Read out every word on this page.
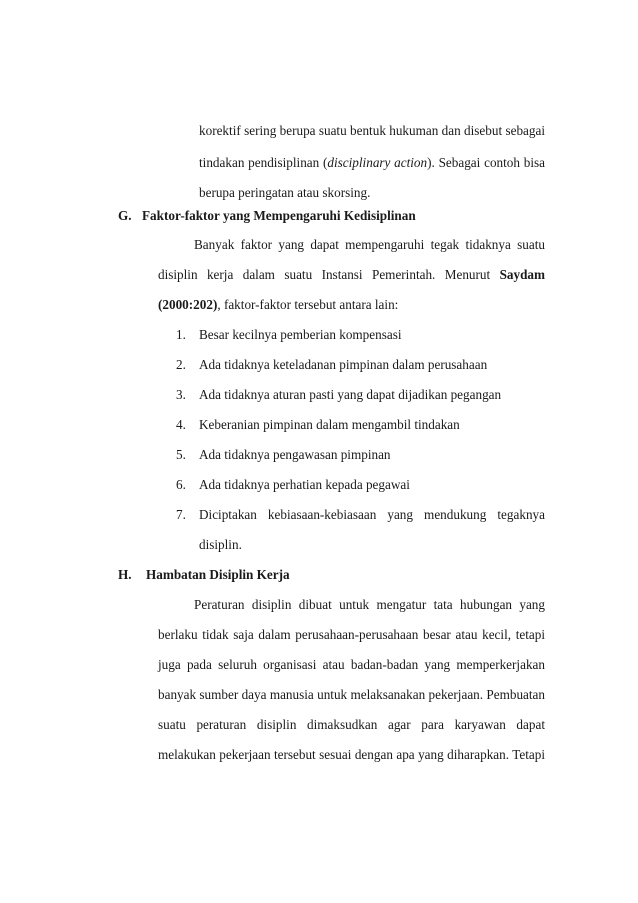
korektif sering berupa suatu bentuk hukuman dan disebut sebagai
tindakan pendisiplinan (disciplinary action). Sebagai contoh bisa
berupa peringatan atau skorsing.
G. Faktor-faktor yang Mempengaruhi Kedisiplinan
Banyak faktor yang dapat mempengaruhi tegak tidaknya suatu
disiplin kerja dalam suatu Instansi Pemerintah. Menurut Saydam
(2000:202), faktor-faktor tersebut antara lain:
1. Besar kecilnya pemberian kompensasi
2. Ada tidaknya keteladanan pimpinan dalam perusahaan
3. Ada tidaknya aturan pasti yang dapat dijadikan pegangan
4. Keberanian pimpinan dalam mengambil tindakan
5. Ada tidaknya pengawasan pimpinan
6. Ada tidaknya perhatian kepada pegawai
7. Diciptakan kebiasaan-kebiasaan yang mendukung tegaknya
disiplin.
H. Hambatan Disiplin Kerja
Peraturan disiplin dibuat untuk mengatur tata hubungan yang
berlaku tidak saja dalam perusahaan-perusahaan besar atau kecil, tetapi
juga pada seluruh organisasi atau badan-badan yang memperkerjakan
banyak sumber daya manusia untuk melaksanakan pekerjaan. Pembuatan
suatu peraturan disiplin dimaksudkan agar para karyawan dapat
melakukan pekerjaan tersebut sesuai dengan apa yang diharapkan. Tetapi
